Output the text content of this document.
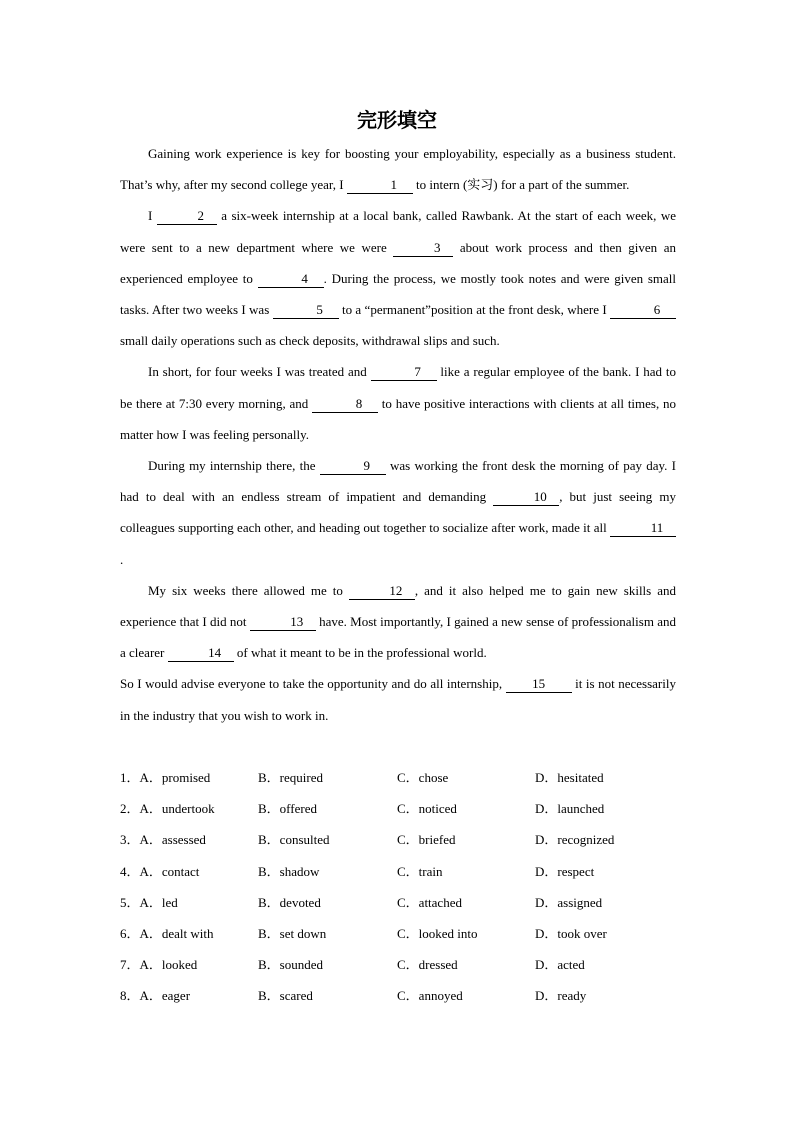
完形填空

Gaining work experience is key for boosting your employability, especially as a business student. That’s why, after my second college year, I	1 to intern (实习) for a part of the summer.

I	2 a six-week internship at a local bank, called Rawbank. At the start of each week, we were sent to a new department where we were	3 about work process and then given an experienced employee to	4 . During the process, we mostly took notes and were given small tasks. After two weeks I was	5 to a “permanent”position at the front desk, where I	6 small daily operations such as check deposits, withdrawal slips and such.

In short, for four weeks I was treated and	7 like a regular employee of the bank. I had to be there at 7:30 every morning, and	8 to have positive interactions with clients at all times, no matter how I was feeling personally.

During my internship there, the	9 was working the front desk the morning of pay day. I had to deal with an endless stream of impatient and demanding	10 , but just seeing my colleagues supporting each other, and heading out together to socialize after work, made it all	11.

My six weeks there allowed me to	12 , and it also helped me to gain new skills and experience that I did not	13 have. Most importantly, I gained a new sense of professionalism and a clearer	14 of what it meant to be in the professional world.

So I would advise everyone to take the opportunity and do all internship, 15 it is not necessarily in the industry that you wish to work in.

1．A．promised	B．required	C．chose	D．hesitated
2．A．undertook	B．offered	C．noticed	D．launched
3．A．assessed	B．consulted	C．briefed	D．recognized
4．A．contact	B．shadow	C．train	D．respect
5．A．led	B．devoted	C．attached	D．assigned
6．A．dealt with	B．set down	C．looked into	D．took over
7．A．looked	B．sounded	C．dressed	D．acted
8．A．eager	B．scared	C．annoyed	D．ready
